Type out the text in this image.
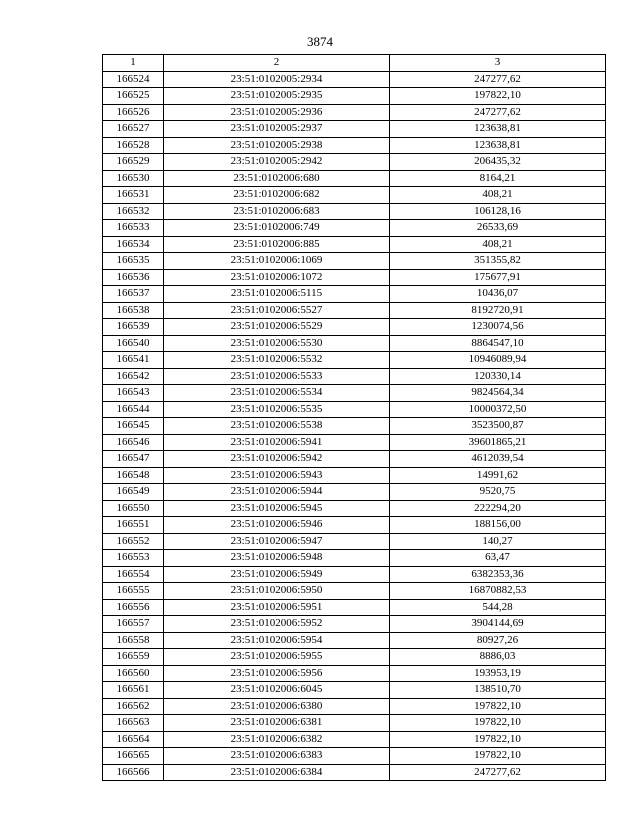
3874
1	2	3
166524	23:51:0102005:2934	247277,62
166525	23:51:0102005:2935	197822,10
166526	23:51:0102005:2936	247277,62
166527	23:51:0102005:2937	123638,81
166528	23:51:0102005:2938	123638,81
166529	23:51:0102005:2942	206435,32
166530	23:51:0102006:680	8164,21
166531	23:51:0102006:682	408,21
166532	23:51:0102006:683	106128,16
166533	23:51:0102006:749	26533,69
166534	23:51:0102006:885	408,21
166535	23:51:0102006:1069	351355,82
166536	23:51:0102006:1072	175677,91
166537	23:51:0102006:5115	10436,07
166538	23:51:0102006:5527	8192720,91
166539	23:51:0102006:5529	1230074,56
166540	23:51:0102006:5530	8864547,10
166541	23:51:0102006:5532	10946089,94
166542	23:51:0102006:5533	120330,14
166543	23:51:0102006:5534	9824564,34
166544	23:51:0102006:5535	10000372,50
166545	23:51:0102006:5538	3523500,87
166546	23:51:0102006:5941	39601865,21
166547	23:51:0102006:5942	4612039,54
166548	23:51:0102006:5943	14991,62
166549	23:51:0102006:5944	9520,75
166550	23:51:0102006:5945	222294,20
166551	23:51:0102006:5946	188156,00
166552	23:51:0102006:5947	140,27
166553	23:51:0102006:5948	63,47
166554	23:51:0102006:5949	6382353,36
166555	23:51:0102006:5950	16870882,53
166556	23:51:0102006:5951	544,28
166557	23:51:0102006:5952	3904144,69
166558	23:51:0102006:5954	80927,26
166559	23:51:0102006:5955	8886,03
166560	23:51:0102006:5956	193953,19
166561	23:51:0102006:6045	138510,70
166562	23:51:0102006:6380	197822,10
166563	23:51:0102006:6381	197822,10
166564	23:51:0102006:6382	197822,10
166565	23:51:0102006:6383	197822,10
166566	23:51:0102006:6384	247277,62
